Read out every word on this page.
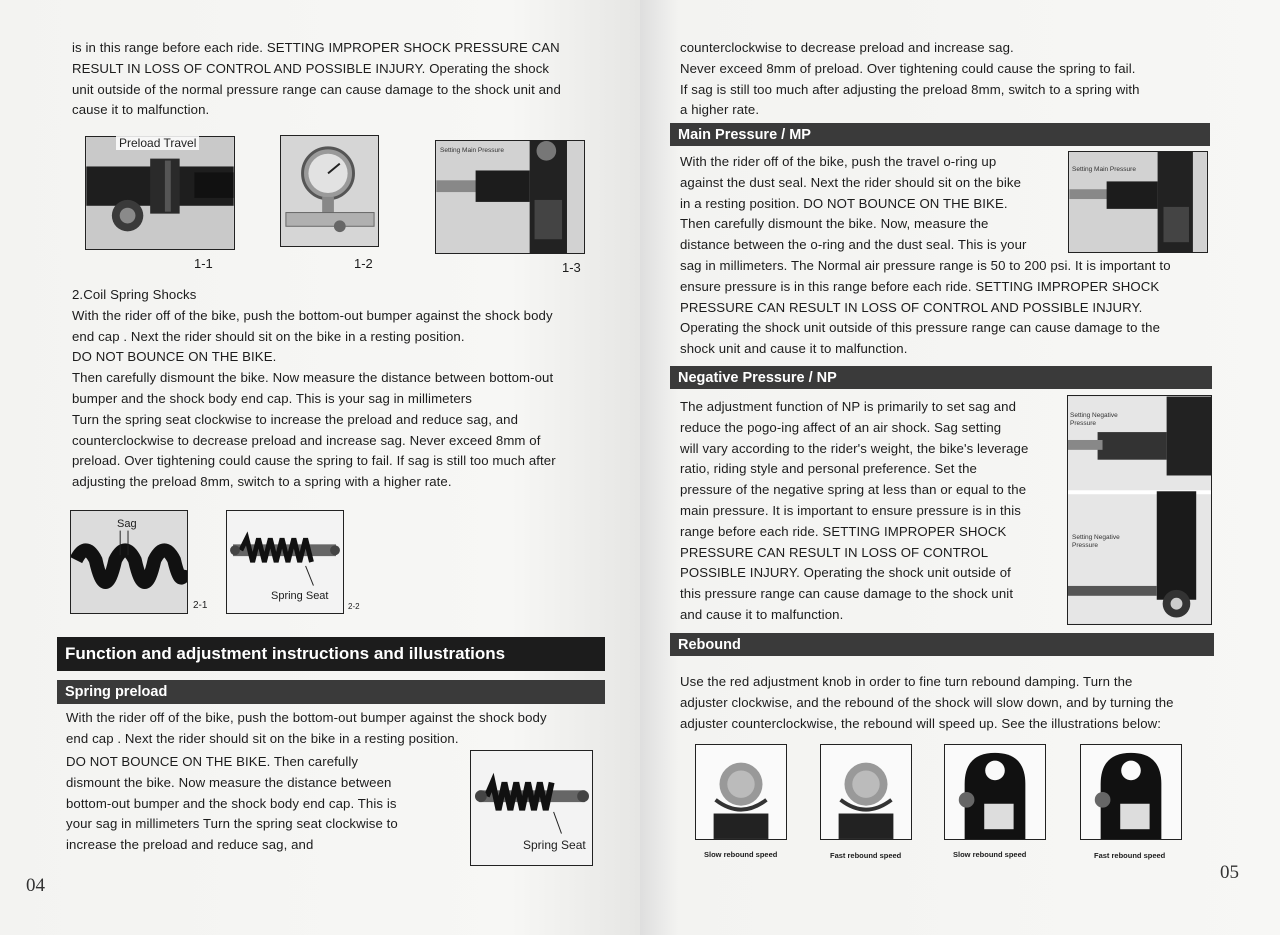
is in this range before each ride. SETTING IMPROPER SHOCK PRESSURE CAN

RESULT IN LOSS OF CONTROL AND POSSIBLE INJURY. Operating the shock

unit outside of the normal pressure range can cause damage to the shock unit and

cause it to malfunction.

Preload Travel
Setting Main Pressure
1-1	1-2	1-3

2.Coil Spring Shocks

With the rider off of the bike, push the bottom-out bumper against the shock body

end cap . Next the rider should sit on the bike in a resting position.

DO NOT BOUNCE ON THE BIKE.

Then carefully dismount the bike. Now measure the distance between bottom-out

bumper and the shock body end cap. This is your sag in millimeters

Turn the spring seat clockwise to increase the preload and reduce sag, and

counterclockwise to decrease preload and increase sag. Never exceed 8mm of

preload. Over tightening could cause the spring to fail. If sag is still too much after

adjusting the preload 8mm, switch to a spring with a higher rate.

Sag
2-1
Spring Seat
2-2
Function and adjustment instructions and illustrations
Spring preload

With the rider off of the bike, push the bottom-out bumper against the shock body

end cap . Next the rider should sit on the bike in a resting position.

DO NOT BOUNCE ON THE BIKE. Then carefully

dismount the bike. Now measure the distance between

bottom-out bumper and the shock body end cap. This is

your sag in millimeters Turn the spring seat clockwise to

increase the preload and reduce sag, and	Spring Seat
04

counterclockwise to decrease preload and increase sag.

Never exceed 8mm of preload. Over tightening could cause the spring to fail.

If sag is still too much after adjusting the preload 8mm, switch to a spring with

a higher rate.

Main Pressure / MP

With the rider off of the bike, push the travel o-ring up

against the dust seal. Next the rider should sit on the bike

in a resting position. DO NOT BOUNCE ON THE BIKE.

Then carefully dismount the bike. Now, measure the

distance between the o-ring and the dust seal. This is your

sag in millimeters. The Normal air pressure range is 50 to 200 psi. It is important to

ensure pressure is in this range before each ride. SETTING IMPROPER SHOCK

PRESSURE CAN RESULT IN LOSS OF CONTROL AND POSSIBLE INJURY.

Operating the shock unit outside of this pressure range can cause damage to the

shock unit and cause it to malfunction.

Setting Main Pressure
Negative Pressure / NP

The adjustment function of NP is primarily to set sag and

reduce the pogo-ing affect of an air shock. Sag setting

will vary according to the rider's weight, the bike's leverage

ratio, riding style and personal preference. Set the

pressure of the negative spring at less than or equal to the

main pressure. It is important to ensure pressure is in this

range before each ride. SETTING IMPROPER SHOCK

PRESSURE CAN RESULT IN LOSS OF CONTROL

POSSIBLE INJURY. Operating the shock unit outside of

this pressure range can cause damage to the shock unit

and cause it to malfunction.

Setting Negative
Pressure
Setting Negative
Pressure
Rebound

Use the red adjustment knob in order to fine turn rebound damping. Turn the

adjuster clockwise, and the rebound of the shock will slow down, and by turning the

adjuster counterclockwise, the rebound will speed up. See the illustrations below:

Slow rebound speed	Fast rebound speed	Slow rebound speed	Fast rebound speed
05
